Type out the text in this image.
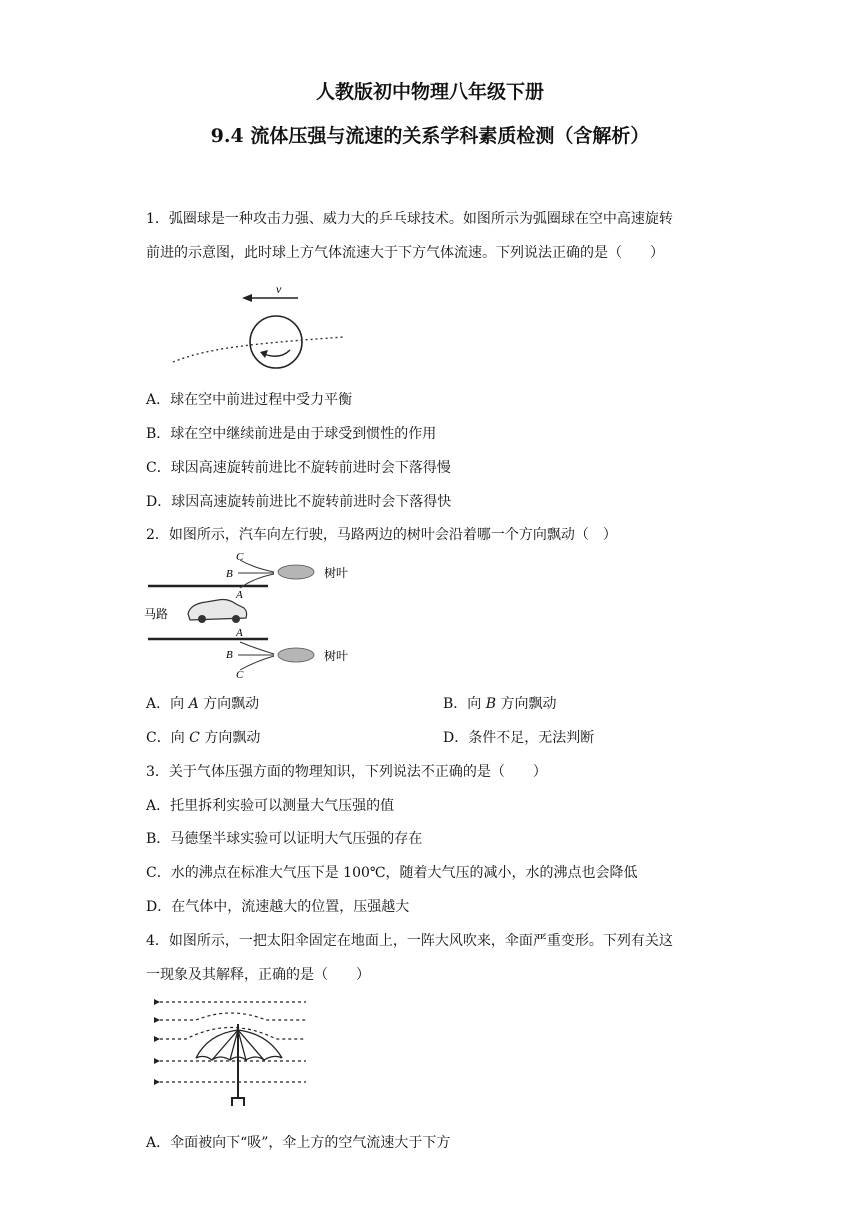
人教版初中物理八年级下册
9.4 流体压强与流速的关系学科素质检测（含解析）
1．弧圈球是一种攻击力强、威力大的乒乓球技术。如图所示为弧圈球在空中高速旋转
前进的示意图，此时球上方气体流速大于下方气体流速。下列说法正确的是（　　）
v
A．球在空中前进过程中受力平衡
B．球在空中继续前进是由于球受到惯性的作用
C．球因高速旋转前进比不旋转前进时会下落得慢
D．球因高速旋转前进比不旋转前进时会下落得快
2．如图所示，汽车向左行驶，马路两边的树叶会沿着哪一个方向飘动（　）
马路
C
B
A
树叶
A
B
C
树叶
A．向 A 方向飘动	B．向 B 方向飘动
C．向 C 方向飘动	D．条件不足，无法判断
3．关于气体压强方面的物理知识，下列说法不正确的是（　　）
A．托里拆利实验可以测量大气压强的值
B．马德堡半球实验可以证明大气压强的存在
C．水的沸点在标准大气压下是 100℃，随着大气压的减小，水的沸点也会降低
D．在气体中，流速越大的位置，压强越大
4．如图所示，一把太阳伞固定在地面上，一阵大风吹来，伞面严重变形。下列有关这
一现象及其解释，正确的是（　　）
A．伞面被向下“吸”，伞上方的空气流速大于下方
